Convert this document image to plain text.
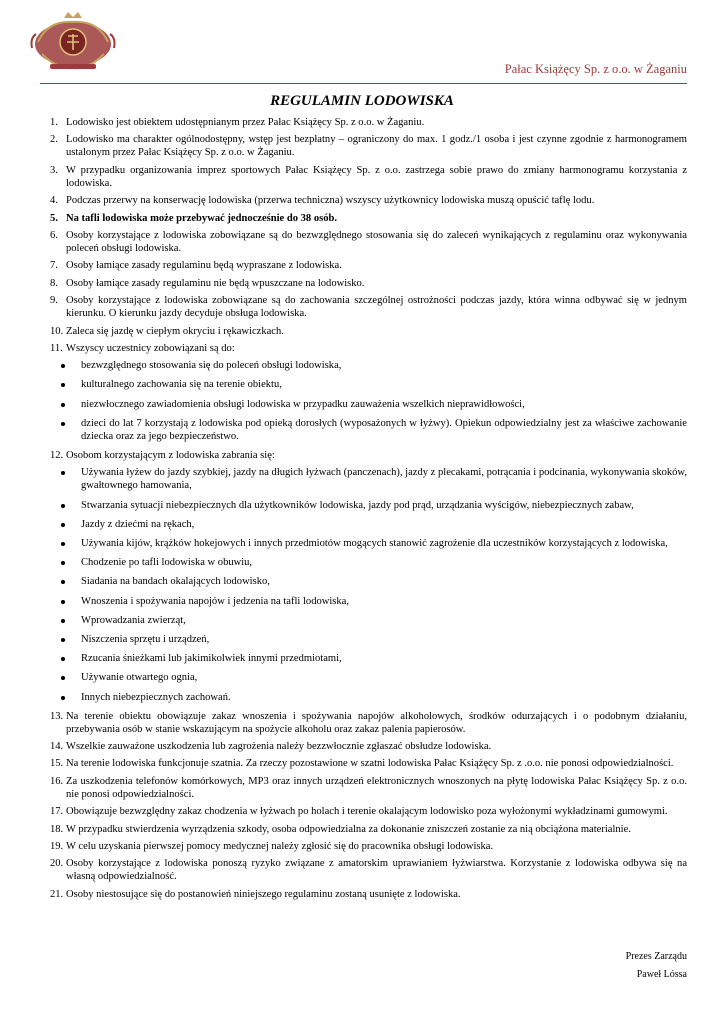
Pałac Książęcy Sp. z o.o. w Żaganiu
REGULAMIN LODOWISKA
1. Lodowisko jest obiektem udostępnianym przez Pałac Książęcy Sp. z o.o. w Żaganiu.
2. Lodowisko ma charakter ogólnodostępny, wstęp jest bezpłatny – ograniczony do max. 1 godz./1 osoba i jest czynne zgodnie z harmonogramem ustalonym przez Pałac Książęcy Sp. z o.o. w Żaganiu.
3. W przypadku organizowania imprez sportowych Pałac Książęcy Sp. z o.o. zastrzega sobie prawo do zmiany harmonogramu korzystania z lodowiska.
4. Podczas przerwy na konserwację lodowiska (przerwa techniczna) wszyscy użytkownicy lodowiska muszą opuścić taflę lodu.
5. Na tafli lodowiska może przebywać jednocześnie do 38 osób.
6. Osoby korzystające z lodowiska zobowiązane są do bezwzględnego stosowania się do zaleceń wynikających z regulaminu oraz wykonywania poleceń obsługi lodowiska.
7. Osoby łamiące zasady regulaminu będą wypraszane z lodowiska.
8. Osoby łamiące zasady regulaminu nie będą wpuszczane na lodowisko.
9. Osoby korzystające z lodowiska zobowiązane są do zachowania szczególnej ostrożności podczas jazdy, która winna odbywać się w jednym kierunku. O kierunku jazdy decyduje obsługa lodowiska.
10. Zaleca się jazdę w ciepłym okryciu i rękawiczkach.
11. Wszyscy uczestnicy zobowiązani są do:
bezwzględnego stosowania się do poleceń obsługi lodowiska,
kulturalnego zachowania się na terenie obiektu,
niezwłocznego zawiadomienia obsługi lodowiska w przypadku zauważenia wszelkich nieprawidłowości,
dzieci do lat 7 korzystają z lodowiska pod opieką dorosłych (wyposażonych w łyżwy). Opiekun odpowiedzialny jest za właściwe zachowanie dziecka oraz za jego bezpieczeństwo.
12. Osobom korzystającym z lodowiska zabrania się:
Używania łyżew do jazdy szybkiej, jazdy na długich łyżwach (panczenach), jazdy z plecakami, potrącania i podcinania, wykonywania skoków, gwałtownego hamowania,
Stwarzania sytuacji niebezpiecznych dla użytkowników lodowiska, jazdy pod prąd, urządzania wyścigów, niebezpiecznych zabaw,
Jazdy z dziećmi na rękach,
Używania kijów, krążków hokejowych i innych przedmiotów mogących stanowić zagrożenie dla uczestników korzystających z lodowiska,
Chodzenie po tafli lodowiska w obuwiu,
Siadania na bandach okalających lodowisko,
Wnoszenia i spożywania napojów i jedzenia na tafli lodowiska,
Wprowadzania zwierząt,
Niszczenia sprzętu i urządzeń,
Rzucania śnieżkami lub jakimikolwiek innymi przedmiotami,
Używanie otwartego ognia,
Innych niebezpiecznych zachowań.
13. Na terenie obiektu obowiązuje zakaz wnoszenia i spożywania napojów alkoholowych, środków odurzających i o podobnym działaniu, przebywania osób w stanie wskazującym na spożycie alkoholu oraz zakaz palenia papierosów.
14. Wszelkie zauważone uszkodzenia lub zagrożenia należy bezzwłocznie zgłaszać obsłudze lodowiska.
15. Na terenie lodowiska funkcjonuje szatnia. Za rzeczy pozostawione w szatni lodowiska Pałac Książęcy Sp. z .o.o. nie ponosi odpowiedzialności.
16. Za uszkodzenia telefonów komórkowych, MP3 oraz innych urządzeń elektronicznych wnoszonych na płytę lodowiska Pałac Książęcy Sp. z o.o. nie ponosi odpowiedzialności.
17. Obowiązuje bezwzględny zakaz chodzenia w łyżwach po holach i terenie okalającym lodowisko poza wyłożonymi wykładzinami gumowymi.
18. W przypadku stwierdzenia wyrządzenia szkody, osoba odpowiedzialna za dokonanie zniszczeń zostanie za nią obciążona materialnie.
19. W celu uzyskania pierwszej pomocy medycznej należy zgłosić się do pracownika obsługi lodowiska.
20. Osoby korzystające z lodowiska ponoszą ryzyko związane z amatorskim uprawianiem łyżwiarstwa. Korzystanie z lodowiska odbywa się na własną odpowiedzialność.
21. Osoby niestosujące się do postanowień niniejszego regulaminu zostaną usunięte z lodowiska.
Prezes Zarządu
Paweł Lóssa
